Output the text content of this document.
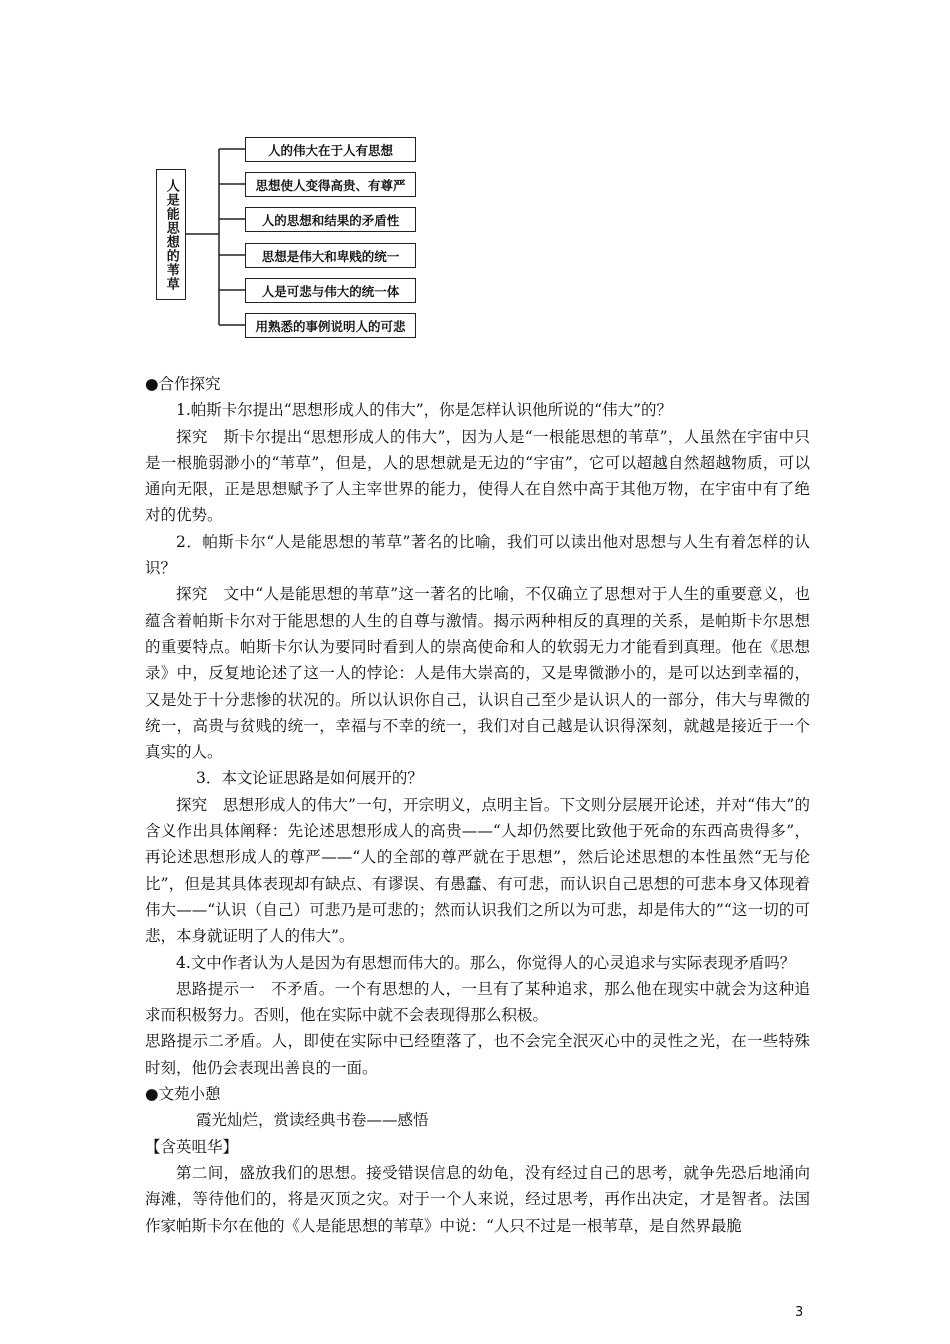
人是能思想的苇草
人的伟大在于人有思想
思想使人变得高贵、有尊严
人的思想和结果的矛盾性
思想是伟大和卑贱的统一
人是可悲与伟大的统一体
用熟悉的事例说明人的可悲

●合作探究

1.帕斯卡尔提出“思想形成人的伟大”，你是怎样认识他所说的“伟大”的？

探究　斯卡尔提出“思想形成人的伟大”，因为人是“一根能思想的苇草”，人虽然在宇宙中只是一根脆弱渺小的“苇草”，但是，人的思想就是无边的“宇宙”，它可以超越自然超越物质，可以通向无限，正是思想赋予了人主宰世界的能力，使得人在自然中高于其他万物，在宇宙中有了绝对的优势。

2．帕斯卡尔“人是能思想的苇草”著名的比喻，我们可以读出他对思想与人生有着怎样的认识？

探究　文中“人是能思想的苇草”这一著名的比喻，不仅确立了思想对于人生的重要意义，也蕴含着帕斯卡尔对于能思想的人生的自尊与激情。揭示两种相反的真理的关系，是帕斯卡尔思想的重要特点。帕斯卡尔认为要同时看到人的崇高使命和人的软弱无力才能看到真理。他在《思想录》中，反复地论述了这一人的悖论：人是伟大崇高的，又是卑微渺小的，是可以达到幸福的，又是处于十分悲惨的状况的。所以认识你自己，认识自己至少是认识人的一部分，伟大与卑微的统一，高贵与贫贱的统一，幸福与不幸的统一，我们对自己越是认识得深刻，就越是接近于一个真实的人。

3．本文论证思路是如何展开的？

探究　思想形成人的伟大”一句，开宗明义，点明主旨。下文则分层展开论述，并对“伟大”的含义作出具体阐释：先论述思想形成人的高贵——“人却仍然要比致他于死命的东西高贵得多”，再论述思想形成人的尊严——“人的全部的尊严就在于思想”，然后论述思想的本性虽然“无与伦比”，但是其具体表现却有缺点、有谬误、有愚蠢、有可悲，而认识自己思想的可悲本身又体现着伟大——“认识（自己）可悲乃是可悲的；然而认识我们之所以为可悲，却是伟大的”“这一切的可悲，本身就证明了人的伟大”。

4.文中作者认为人是因为有思想而伟大的。那么，你觉得人的心灵追求与实际表现矛盾吗？

思路提示一　不矛盾。一个有思想的人，一旦有了某种追求，那么他在现实中就会为这种追求而积极努力。否则，他在实际中就不会表现得那么积极。

思路提示二矛盾。人，即使在实际中已经堕落了，也不会完全泯灭心中的灵性之光，在一些特殊时刻，他仍会表现出善良的一面。

●文苑小憩

霞光灿烂，赏读经典书卷——感悟

【含英咀华】

第二间，盛放我们的思想。接受错误信息的幼龟，没有经过自己的思考，就争先恐后地涌向海滩，等待他们的，将是灭顶之灾。对于一个人来说，经过思考，再作出决定，才是智者。法国作家帕斯卡尔在他的《人是能思想的苇草》中说：“人只不过是一根苇草，是自然界最脆

3
